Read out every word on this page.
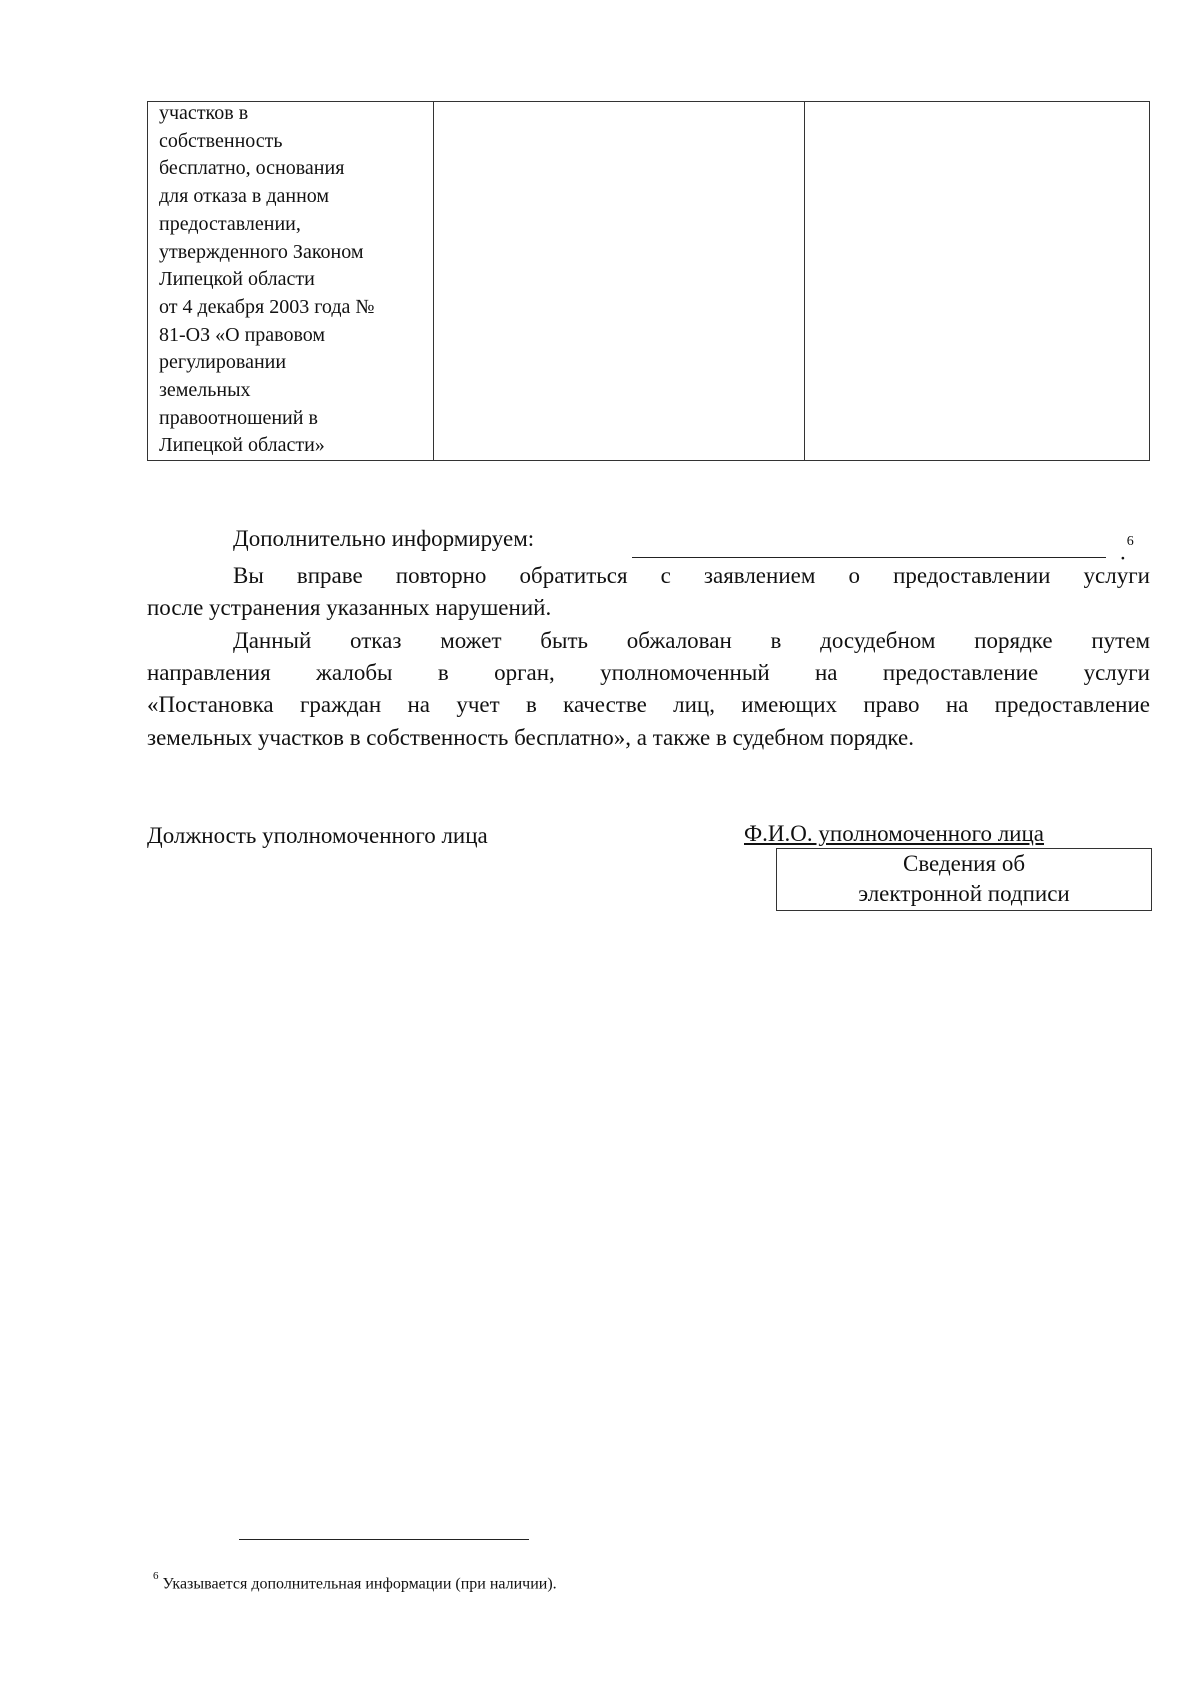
участков в
собственность
бесплатно, основания
для отказа в данном
предоставлении,
утвержденного Законом
Липецкой области
от 4 декабря 2003 года №
81-ОЗ «О правовом
регулировании
земельных
правоотношений в
Липецкой области»

Дополнительно информируем:
.$^6$
Вы вправе повторно обратиться с заявлением о предоставлении услуги
после устранения указанных нарушений.
Данный отказ может быть обжалован в досудебном порядке путем
направления жалобы в орган, уполномоченный на предоставление услуги
«Постановка граждан на учет в качестве лиц, имеющих право на предоставление
земельных участков в собственность бесплатно», а также в судебном порядке.
Должность уполномоченного лица	Ф.И.О. уполномоченного лица
Сведения об
электронной подписи
$^6$ Указывается дополнительная информации (при наличии).
